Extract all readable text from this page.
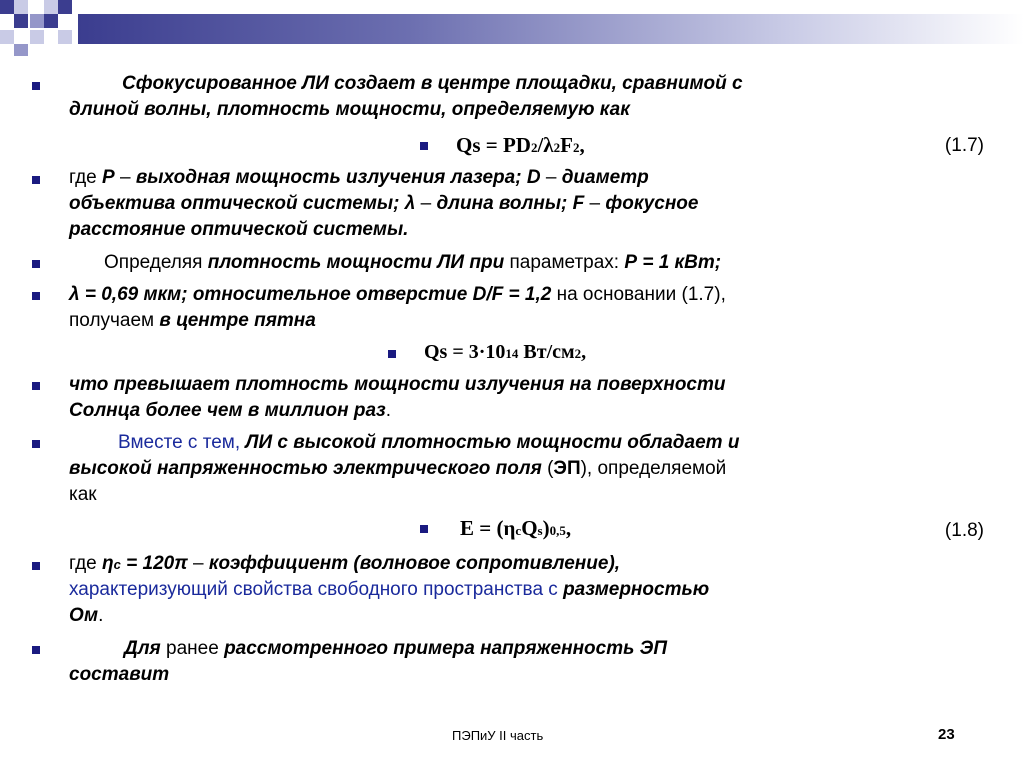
Сфокусированное ЛИ создает в центре площадки, сравнимой с
длиной волны, плотность мощности, определяемую как
Qs = PD2/λ2F2,	(1.7)
где Р – выходная мощность излучения лазера; D – диаметр
объектива оптической системы; λ – длина волны; F – фокусное
расстояние оптической системы.
Определяя плотность мощности ЛИ при параметрах: Р = 1 кВт;
λ = 0,69 мкм; относительное отверстие D/F = 1,2 на основании (1.7),
получаем в центре пятна
Qs = 3·1014 Вт/см2,
что превышает плотность мощности излучения на поверхности
Солнца более чем в миллион раз.
Вместе с тем, ЛИ с высокой плотностью мощности обладает и
высокой напряженностью электрического поля (ЭП), определяемой
как
E = (ηcQs)0,5,	(1.8)
где ηc = 120π – коэффициент (волновое сопротивление),
характеризующий свойства свободного пространства с размерностью
Ом.
Для ранее рассмотренного примера напряженность ЭП
составит
ПЭПиУ II часть	23
